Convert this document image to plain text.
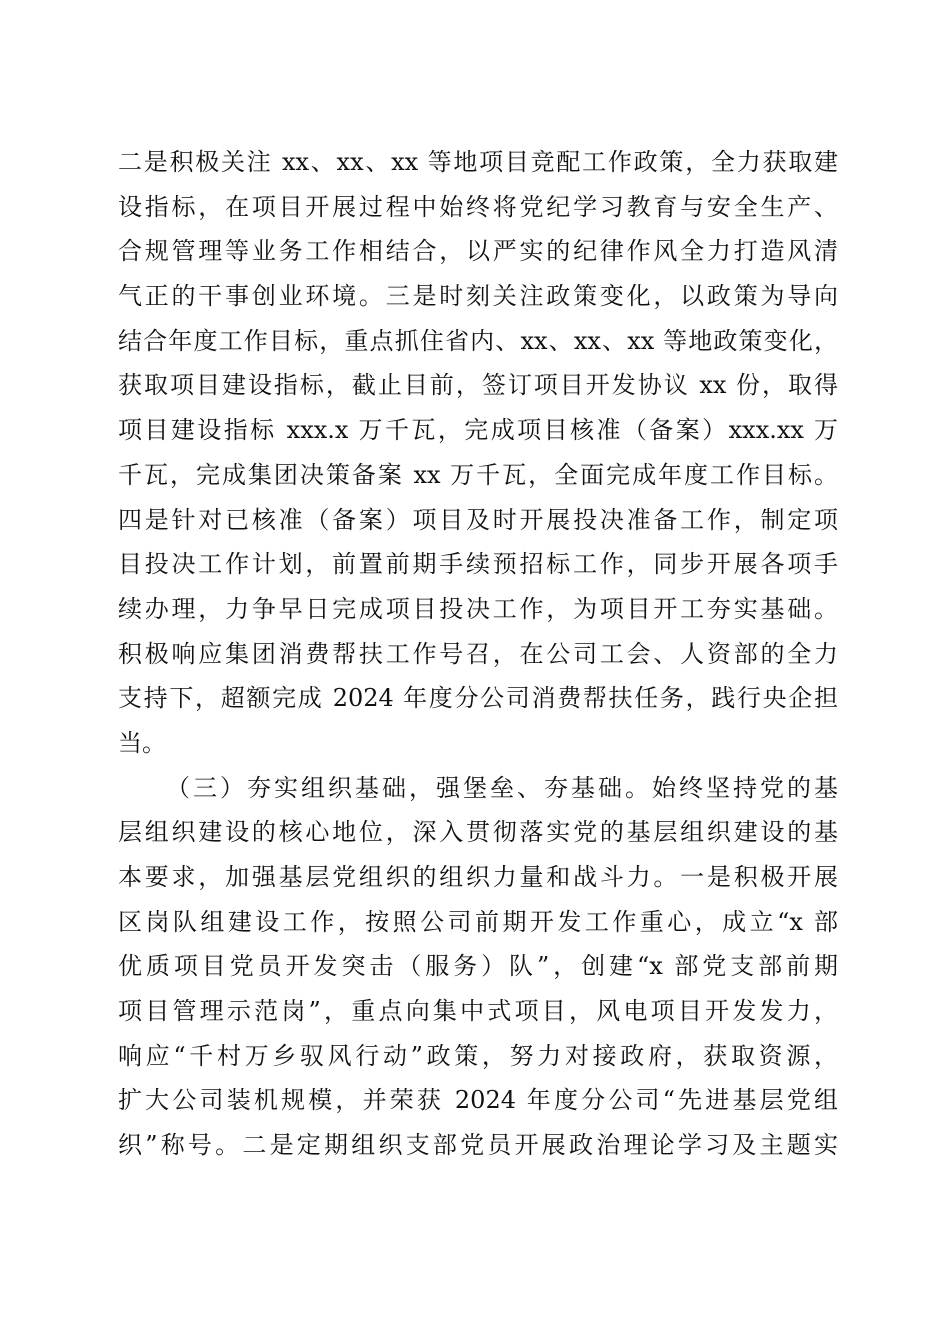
二是积极关注 xx、xx、xx 等地项目竞配工作政策，全力获取建
设指标，在项目开展过程中始终将党纪学习教育与安全生产、
合规管理等业务工作相结合，以严实的纪律作风全力打造风清
气正的干事创业环境。三是时刻关注政策变化，以政策为导向
结合年度工作目标，重点抓住省内、xx、xx、xx 等地政策变化，
获取项目建设指标，截止目前，签订项目开发协议 xx 份，取得
项目建设指标 xxx.x 万千瓦，完成项目核准（备案）xxx.xx 万
千瓦，完成集团决策备案 xx 万千瓦，全面完成年度工作目标。
四是针对已核准（备案）项目及时开展投决准备工作，制定项
目投决工作计划，前置前期手续预招标工作，同步开展各项手
续办理，力争早日完成项目投决工作，为项目开工夯实基础。
积极响应集团消费帮扶工作号召，在公司工会、人资部的全力
支持下，超额完成 2024 年度分公司消费帮扶任务，践行央企担
当。
（三）夯实组织基础，强堡垒、夯基础。始终坚持党的基
层组织建设的核心地位，深入贯彻落实党的基层组织建设的基
本要求，加强基层党组织的组织力量和战斗力。一是积极开展
区岗队组建设工作，按照公司前期开发工作重心，成立“x 部
优质项目党员开发突击（服务）队”，创建“x 部党支部前期
项目管理示范岗”，重点向集中式项目，风电项目开发发力，
响应“千村万乡驭风行动”政策，努力对接政府，获取资源，
扩大公司装机规模，并荣获 2024 年度分公司“先进基层党组
织”称号。二是定期组织支部党员开展政治理论学习及主题实
